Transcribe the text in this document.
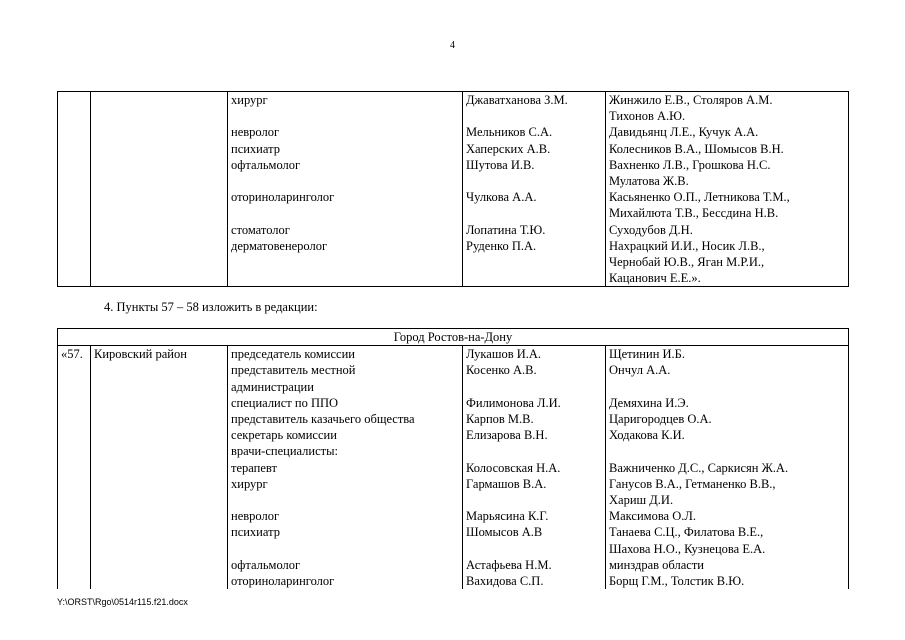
4
		хирург	Джаватханова З.М.	Жинжило Е.В., Столяров А.М.
Тихонов А.Ю.

		невролог	Мельников С.А.	Давидьянц Л.Е., Кучук А.А.

		психиатр	Хаперских А.В.	Колесников В.А., Шомысов В.Н.

		офтальмолог	Шутова И.В.	Вахненко Л.В., Грошкова Н.С.
Мулатова Ж.В.

		оториноларинголог	Чулкова А.А.	Касьяненко О.П., Летникова Т.М.,
Михайлюта Т.В., Бессдина Н.В.

		стоматолог	Лопатина Т.Ю.	Суходубов Д.Н.

		дерматовенеролог	Руденко П.А.	Нахрацкий И.И., Носик Л.В.,
Чернобай Ю.В., Яган М.Р.И.,
Кацанович Е.Е.».
4. Пункты 57 – 58 изложить в редакции:
Город Ростов-на-Дону				
«57.	Кировский район	председатель комиссии	Лукашов И.А.	Щетинин И.Б.

		представитель местной
администрации	Косенко А.В.	Ончул А.А.

		специалист по ППО	Филимонова Л.И.	Демяхина И.Э.

		представитель казачьего общества	Карпов М.В.	Царигородцев О.А.

		секретарь комиссии	Елизарова В.Н.	Ходакова К.И.

		врачи-специалисты:		

		терапевт	Колосовская Н.А.	Важниченко Д.С., Саркисян Ж.А.

		хирург	Гармашов В.А.	Ганусов В.А., Гетманенко В.В.,
Хариш Д.И.

		невролог	Марьясина К.Г.	Максимова О.Л.

		психиатр	Шомысов А.В	Танаева С.Ц., Филатова В.Е.,
Шахова Н.О., Кузнецова Е.А.

		офтальмолог	Астафьева Н.М.	минздрав области

		оториноларинголог	Вахидова С.П.	Борщ Г.М., Толстик В.Ю.
Y:\ORST\Rgo\0514r115.f21.docx
